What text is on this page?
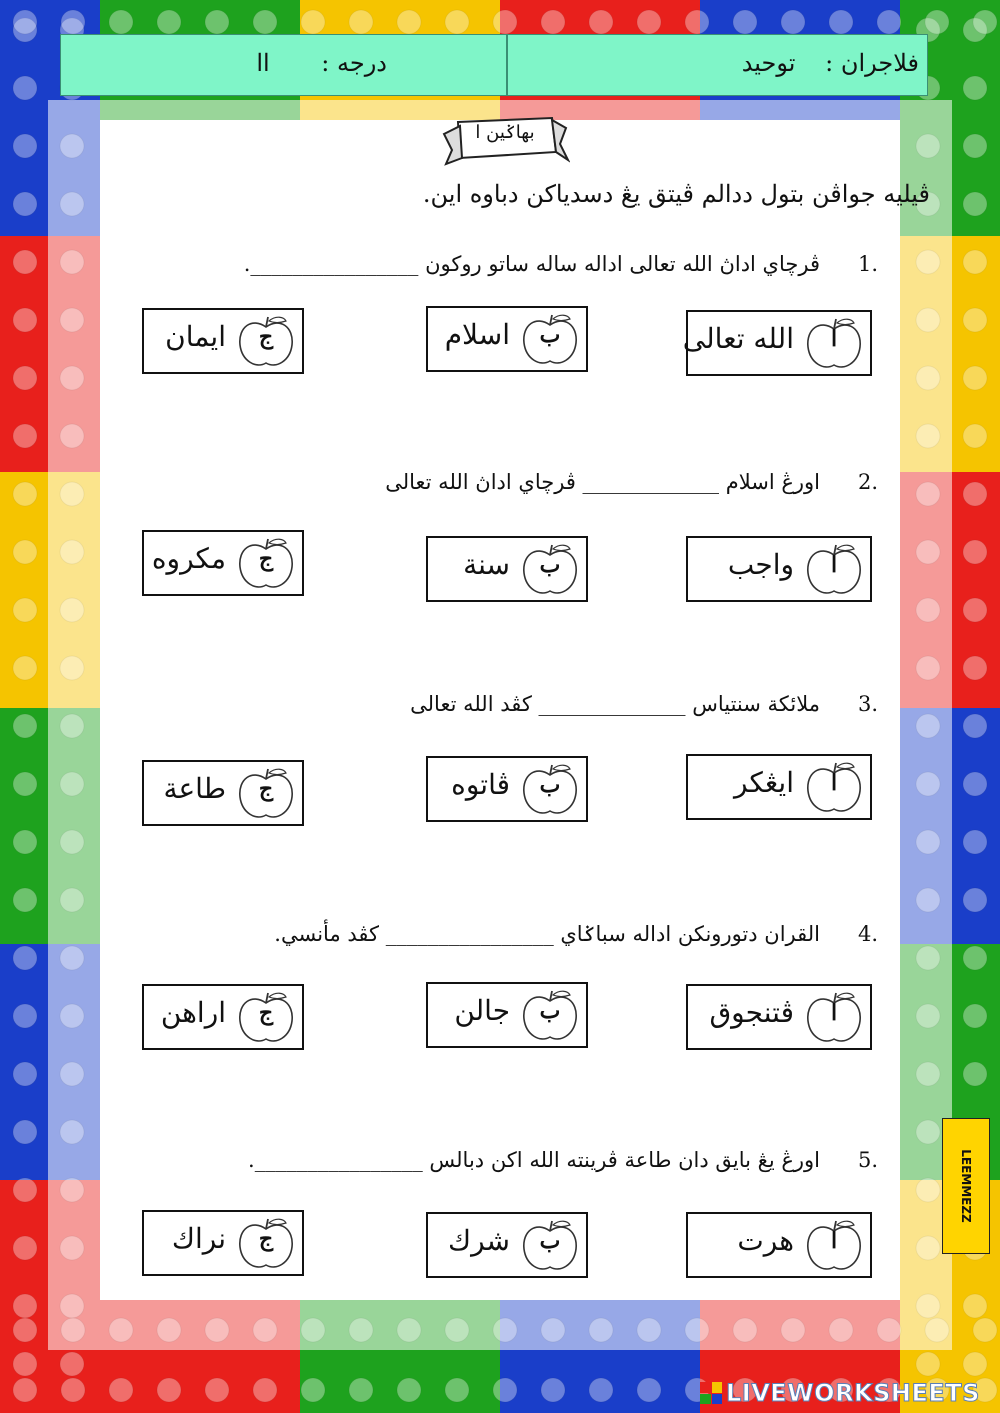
فلاجران : توحيد
درجه : اا
بهاݢين ا
ڤيليه جواڤن بتول ددالم ڤيتق يڠ دسدياكن دباوه اين.
1.
ڤرچاي اداڽ الله تعالى اداله ساله ساتو روكون ________________.
ا
الله تعالى
ب
اسلام
ج
ايمان
2.
اورڠ اسلام _____________ ڤرچاي اداڽ الله تعالى
ا
واجب
ب
سنة
ج
مكروه
3.
ملائكة سنتياس ______________ كڤد الله تعالى
ا
ايڠكر
ب
ڤاتوه
ج
طاعة
4.
القران دتورونكن اداله سباݢاي ________________ كڤد مأنسي.
ا
ڤتنجوق
ب
جالن
ج
اراهن
5.
اورڠ يڠ بايق دان طاعة ڤرينته الله اكن دبالس ________________.
ا
هرت
ب
شرك
ج
نراك
LEEMMEZZ
LIVEWORKSHEETS
